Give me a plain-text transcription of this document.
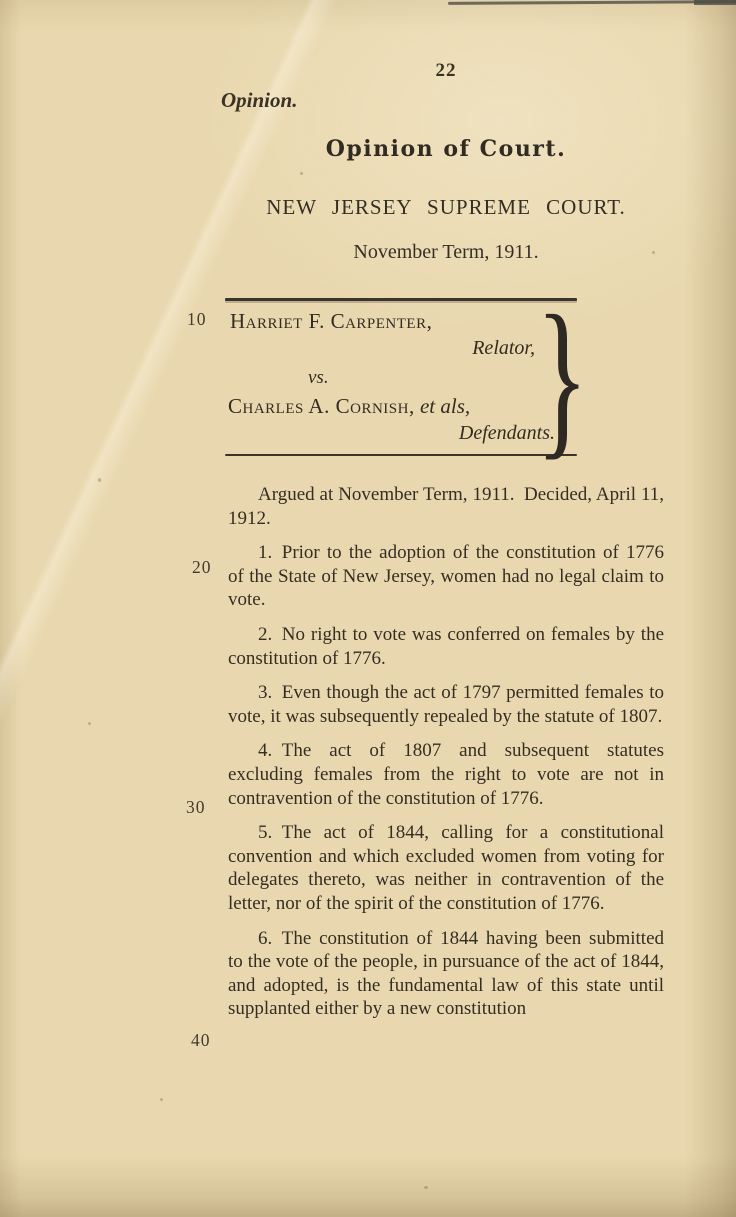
22
Opinion.
Opinion of Court.
NEW JERSEY SUPREME COURT.
November Term, 1911.
Harriet F. Carpenter,
Relator,
vs.
Charles A. Cornish, et als,
Defendants.
}
10
20
30
40

Argued at November Term, 1911. Decided, April 11, 1912.

1. Prior to the adoption of the constitution of 1776 of the State of New Jersey, women had no legal claim to vote.

2. No right to vote was conferred on females by the constitution of 1776.

3. Even though the act of 1797 permitted females to vote, it was subsequently repealed by the statute of 1807.

4. The act of 1807 and subsequent statutes excluding females from the right to vote are not in contravention of the constitution of 1776.

5. The act of 1844, calling for a constitutional convention and which excluded women from voting for delegates thereto, was neither in contravention of the letter, nor of the spirit of the constitution of 1776.

6. The constitution of 1844 having been submitted to the vote of the people, in pursuance of the act of 1844, and adopted, is the fundamental law of this state until supplanted either by a new constitution
